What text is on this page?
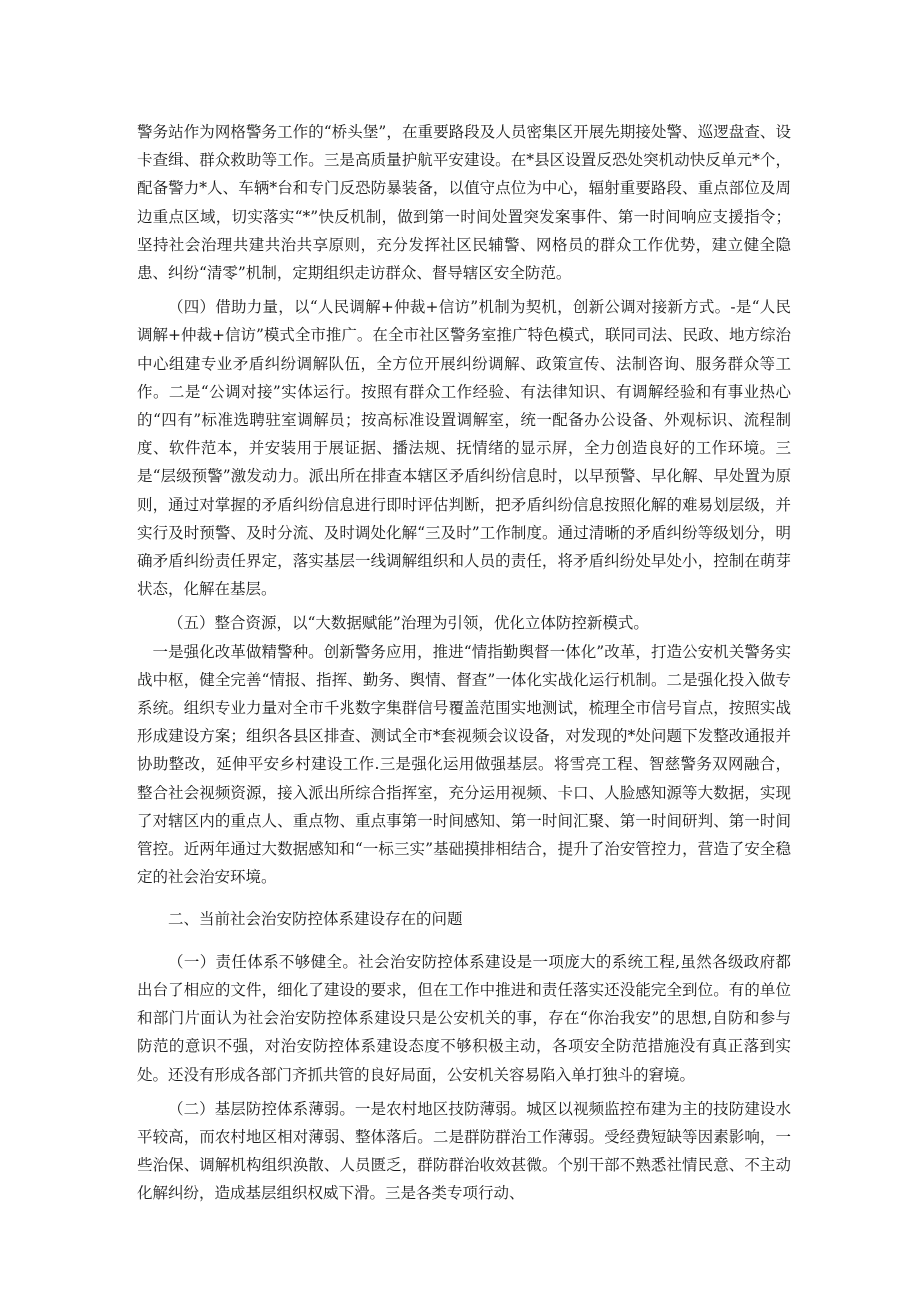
警务站作为网格警务工作的“桥头堡”，在重要路段及人员密集区开展先期接处警、巡逻盘查、设卡查缉、群众救助等工作。三是高质量护航平安建设。在*县区设置反恐处突机动快反单元*个，配备警力*人、车辆*台和专门反恐防暴装备，以值守点位为中心，辐射重要路段、重点部位及周边重点区域，切实落实“*”快反机制，做到第一时间处置突发案事件、第一时间响应支援指令；坚持社会治理共建共治共享原则，充分发挥社区民辅警、网格员的群众工作优势，建立健全隐患、纠纷“清零”机制，定期组织走访群众、督导辖区安全防范。

（四）借助力量，以“人民调解+仲裁+信访”机制为契机，创新公调对接新方式。-是“人民调解+仲裁+信访”模式全市推广。在全市社区警务室推广特色模式，联同司法、民政、地方综治中心组建专业矛盾纠纷调解队伍，全方位开展纠纷调解、政策宣传、法制咨询、服务群众等工作。二是“公调对接”实体运行。按照有群众工作经验、有法律知识、有调解经验和有事业热心的“四有”标准选聘驻室调解员；按高标准设置调解室，统一配备办公设备、外观标识、流程制度、软件范本，并安装用于展证据、播法规、抚情绪的显示屏，全力创造良好的工作环境。三是“层级预警”激发动力。派出所在排查本辖区矛盾纠纷信息时，以早预警、早化解、早处置为原则，通过对掌握的矛盾纠纷信息进行即时评估判断，把矛盾纠纷信息按照化解的难易划层级，并实行及时预警、及时分流、及时调处化解“三及时”工作制度。通过清晰的矛盾纠纷等级划分，明确矛盾纠纷责任界定，落实基层一线调解组织和人员的责任，将矛盾纠纷处早处小，控制在萌芽状态，化解在基层。

（五）整合资源，以“大数据赋能”治理为引领，优化立体防控新模式。

一是强化改革做精警种。创新警务应用，推进“情指勤舆督一体化”改革，打造公安机关警务实战中枢，健全完善“情报、指挥、勤务、舆情、督查”一体化实战化运行机制。二是强化投入做专系统。组织专业力量对全市千兆数字集群信号覆盖范围实地测试，梳理全市信号盲点，按照实战形成建设方案；组织各县区排查、测试全市*套视频会议设备，对发现的*处问题下发整改通报并协助整改，延伸平安乡村建设工作.三是强化运用做强基层。将雪亮工程、智慈警务双网融合，整合社会视频资源，接入派出所综合指挥室，充分运用视频、卡口、人脸感知源等大数据，实现了对辖区内的重点人、重点物、重点事第一时间感知、第一时间汇聚、第一时间研判、第一时间管控。近两年通过大数据感知和“一标三实”基础摸排相结合，提升了治安管控力，营造了安全稳定的社会治安环境。

二、当前社会治安防控体系建设存在的问题

（一）责任体系不够健全。社会治安防控体系建设是一项庞大的系统工程,虽然各级政府都出台了相应的文件，细化了建设的要求，但在工作中推进和责任落实还没能完全到位。有的单位和部门片面认为社会治安防控体系建设只是公安机关的事，存在“你治我安”的思想,自防和参与防范的意识不强，对治安防控体系建设态度不够积极主动，各项安全防范措施没有真正落到实处。还没有形成各部门齐抓共管的良好局面，公安机关容易陷入单打独斗的窘境。

（二）基层防控体系薄弱。一是农村地区技防薄弱。城区以视频监控布建为主的技防建设水平较高，而农村地区相对薄弱、整体落后。二是群防群治工作薄弱。受经费短缺等因素影响，一些治保、调解机构组织涣散、人员匮乏，群防群治收效甚微。个别干部不熟悉社情民意、不主动化解纠纷，造成基层组织权威下滑。三是各类专项行动、
